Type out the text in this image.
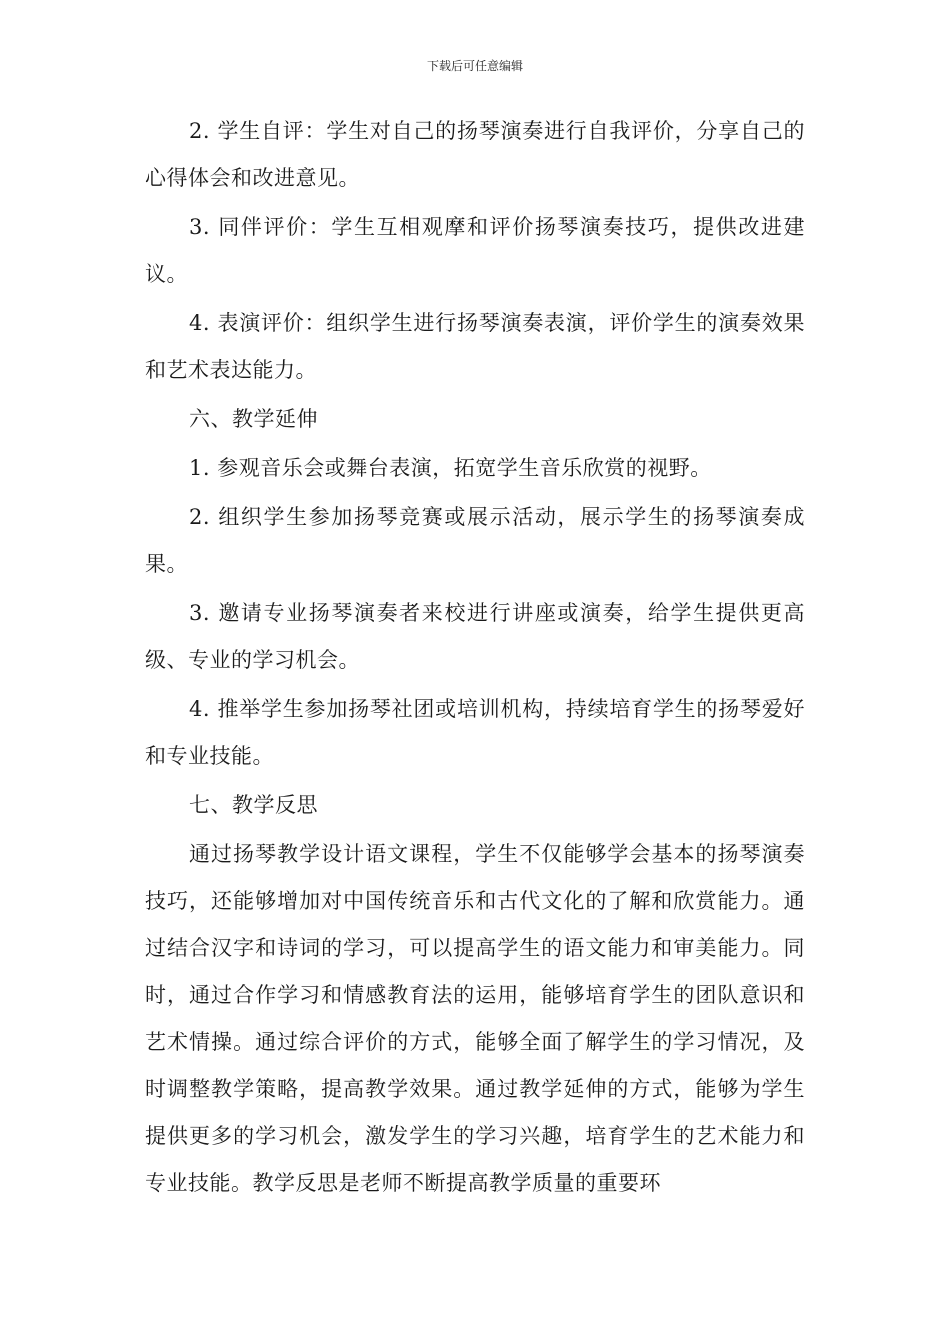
下载后可任意编辑

2. 学生自评：学生对自己的扬琴演奏进行自我评价，分享自己的心得体会和改进意见。

3. 同伴评价：学生互相观摩和评价扬琴演奏技巧，提供改进建议。

4. 表演评价：组织学生进行扬琴演奏表演，评价学生的演奏效果和艺术表达能力。

六、教学延伸

1. 参观音乐会或舞台表演，拓宽学生音乐欣赏的视野。

2. 组织学生参加扬琴竞赛或展示活动，展示学生的扬琴演奏成果。

3. 邀请专业扬琴演奏者来校进行讲座或演奏，给学生提供更高级、专业的学习机会。

4. 推举学生参加扬琴社团或培训机构，持续培育学生的扬琴爱好和专业技能。

七、教学反思

通过扬琴教学设计语文课程，学生不仅能够学会基本的扬琴演奏技巧，还能够增加对中国传统音乐和古代文化的了解和欣赏能力。通过结合汉字和诗词的学习，可以提高学生的语文能力和审美能力。同时，通过合作学习和情感教育法的运用，能够培育学生的团队意识和艺术情操。通过综合评价的方式，能够全面了解学生的学习情况，及时调整教学策略，提高教学效果。通过教学延伸的方式，能够为学生提供更多的学习机会，激发学生的学习兴趣，培育学生的艺术能力和专业技能。教学反思是老师不断提高教学质量的重要环
